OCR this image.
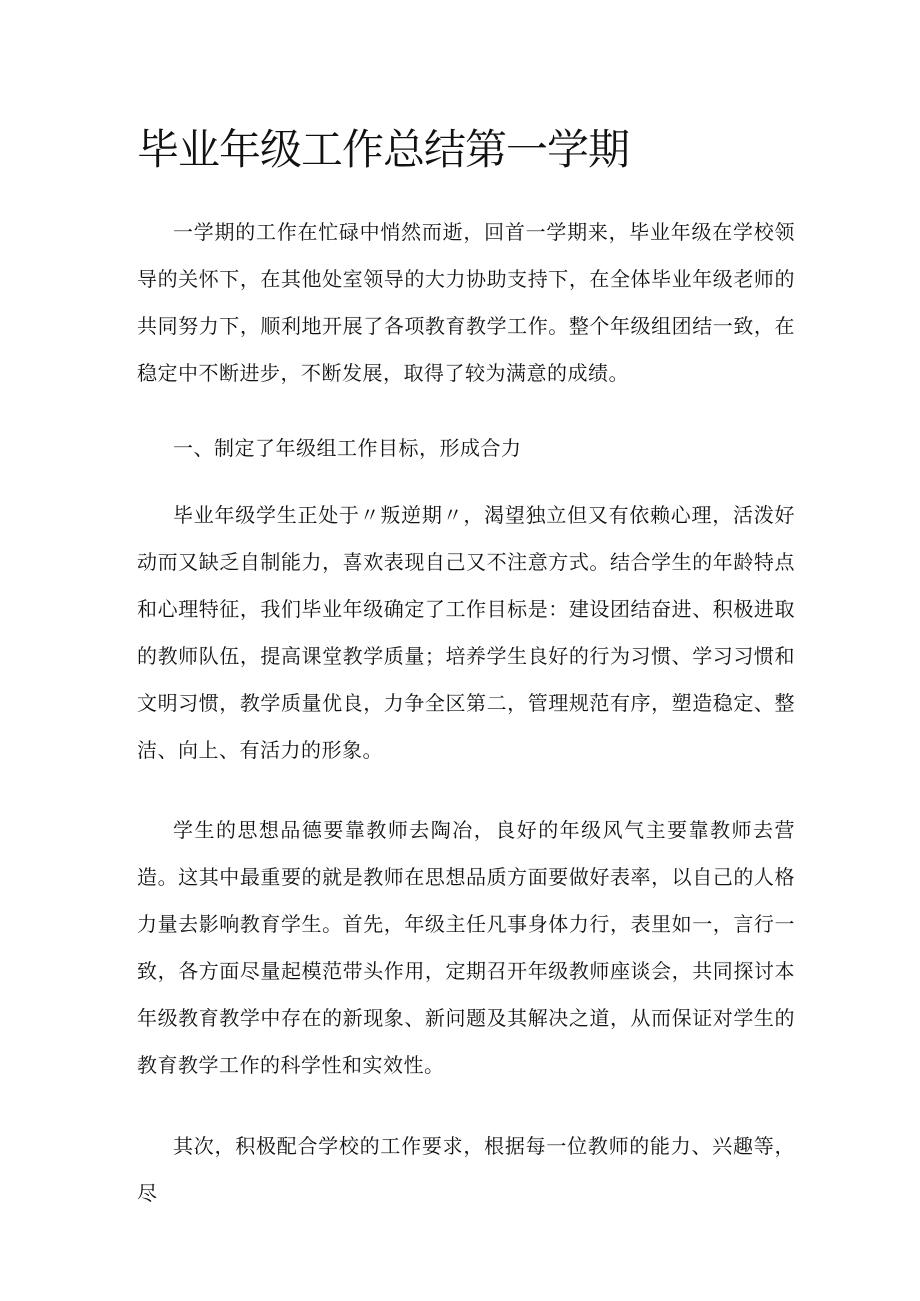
毕业年级工作总结第一学期

一学期的工作在忙碌中悄然而逝，回首一学期来，毕业年级在学校领导的关怀下，在其他处室领导的大力协助支持下，在全体毕业年级老师的共同努力下，顺利地开展了各项教育教学工作。整个年级组团结一致，在稳定中不断进步，不断发展，取得了较为满意的成绩。

一、制定了年级组工作目标，形成合力

毕业年级学生正处于〃叛逆期〃，渴望独立但又有依赖心理，活泼好动而又缺乏自制能力，喜欢表现自己又不注意方式。结合学生的年龄特点和心理特征，我们毕业年级确定了工作目标是：建设团结奋进、积极进取的教师队伍，提高课堂教学质量；培养学生良好的行为习惯、学习习惯和文明习惯，教学质量优良，力争全区第二，管理规范有序，塑造稳定、整洁、向上、有活力的形象。

学生的思想品德要靠教师去陶冶，良好的年级风气主要靠教师去营造。这其中最重要的就是教师在思想品质方面要做好表率，以自己的人格力量去影响教育学生。首先，年级主任凡事身体力行，表里如一，言行一致，各方面尽量起模范带头作用，定期召开年级教师座谈会，共同探讨本年级教育教学中存在的新现象、新问题及其解决之道，从而保证对学生的教育教学工作的科学性和实效性。

其次，积极配合学校的工作要求，根据每一位教师的能力、兴趣等，尽
